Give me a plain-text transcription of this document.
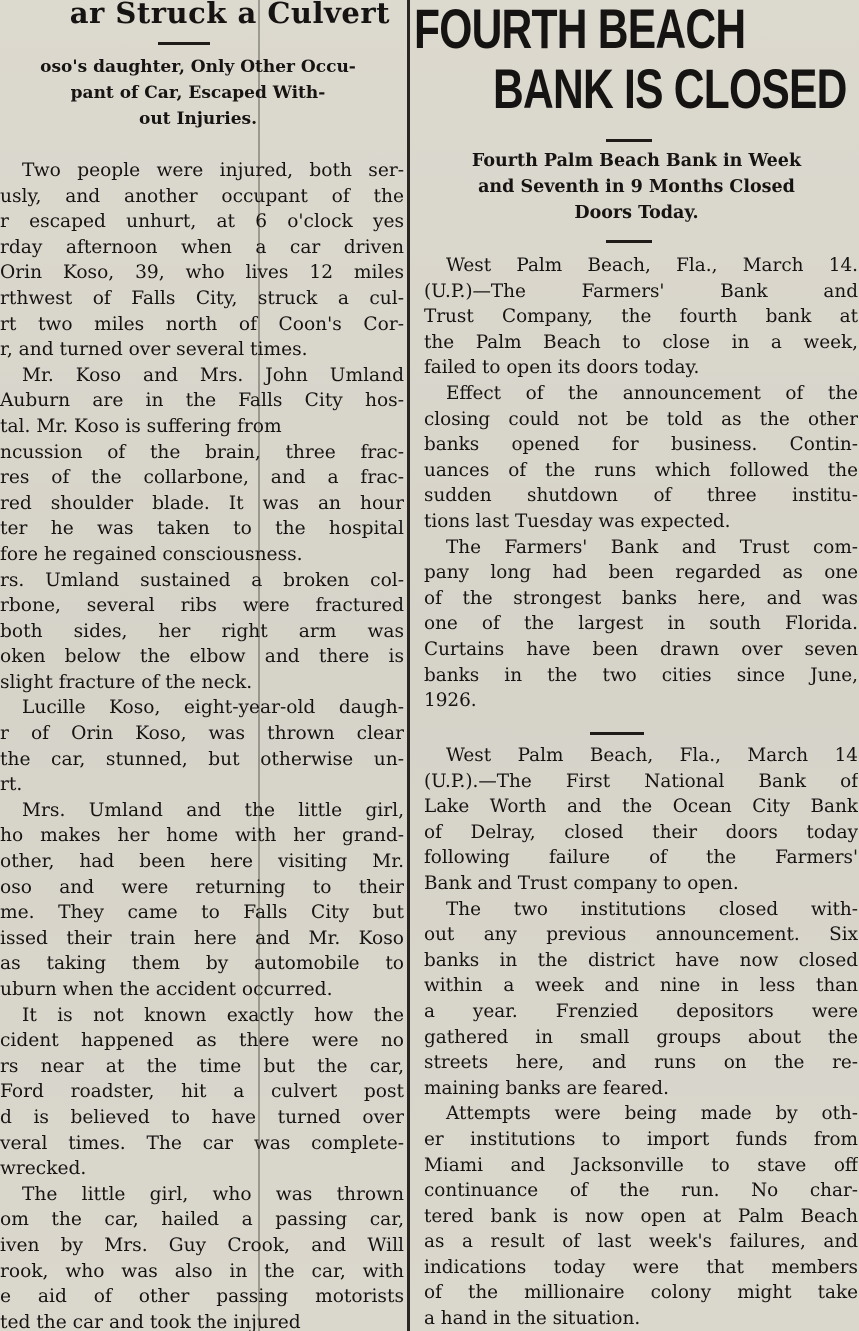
ar Struck a Culvert
oso's daughter, Only Other Occu-
pant of Car, Escaped With-
out Injuries.
Two people were injured, both ser-
usly, and another occupant of the
r escaped unhurt, at 6 o'clock yes
rday afternoon when a car driven
Orin Koso, 39, who lives 12 miles
rthwest of Falls City, struck a cul-
rt two miles north of Coon's Cor-
r, and turned over several times.
Mr. Koso and Mrs. John Umland
Auburn are in the Falls City hos-
tal. Mr. Koso is suffering from
ncussion of the brain, three frac-
res of the collarbone, and a frac-
red shoulder blade. It was an hour
ter he was taken to the hospital
fore he regained consciousness.
rs. Umland sustained a broken col-
rbone, several ribs were fractured
both sides, her right arm was
oken below the elbow and there is
slight fracture of the neck.
Lucille Koso, eight-year-old daugh-
r of Orin Koso, was thrown clear
the car, stunned, but otherwise un-
rt.
Mrs. Umland and the little girl,
ho makes her home with her grand-
other, had been here visiting Mr.
oso and were returning to their
me. They came to Falls City but
issed their train here and Mr. Koso
as taking them by automobile to
uburn when the accident occurred.
It is not known exactly how the
cident happened as there were no
rs near at the time but the car,
Ford roadster, hit a culvert post
d is believed to have turned over
veral times. The car was complete-
wrecked.
The little girl, who was thrown
om the car, hailed a passing car,
iven by Mrs. Guy Crook, and Will
rook, who was also in the car, with
e aid of other passing motorists
ted the car and took the injured
FOURTH BEACH
BANK IS CLOSED
Fourth Palm Beach Bank in Week
and Seventh in 9 Months Closed
Doors Today.
West Palm Beach, Fla., March 14.
(U.P.)—The Farmers' Bank and
Trust Company, the fourth bank at
the Palm Beach to close in a week,
failed to open its doors today.
Effect of the announcement of the
closing could not be told as the other
banks opened for business. Contin-
uances of the runs which followed the
sudden shutdown of three institu-
tions last Tuesday was expected.
The Farmers' Bank and Trust com-
pany long had been regarded as one
of the strongest banks here, and was
one of the largest in south Florida.
Curtains have been drawn over seven
banks in the two cities since June,
1926.
West Palm Beach, Fla., March 14
(U.P.).—The First National Bank of
Lake Worth and the Ocean City Bank
of Delray, closed their doors today
following failure of the Farmers'
Bank and Trust company to open.
The two institutions closed with-
out any previous announcement. Six
banks in the district have now closed
within a week and nine in less than
a year. Frenzied depositors were
gathered in small groups about the
streets here, and runs on the re-
maining banks are feared.
Attempts were being made by oth-
er institutions to import funds from
Miami and Jacksonville to stave off
continuance of the run. No char-
tered bank is now open at Palm Beach
as a result of last week's failures, and
indications today were that members
of the millionaire colony might take
a hand in the situation.
